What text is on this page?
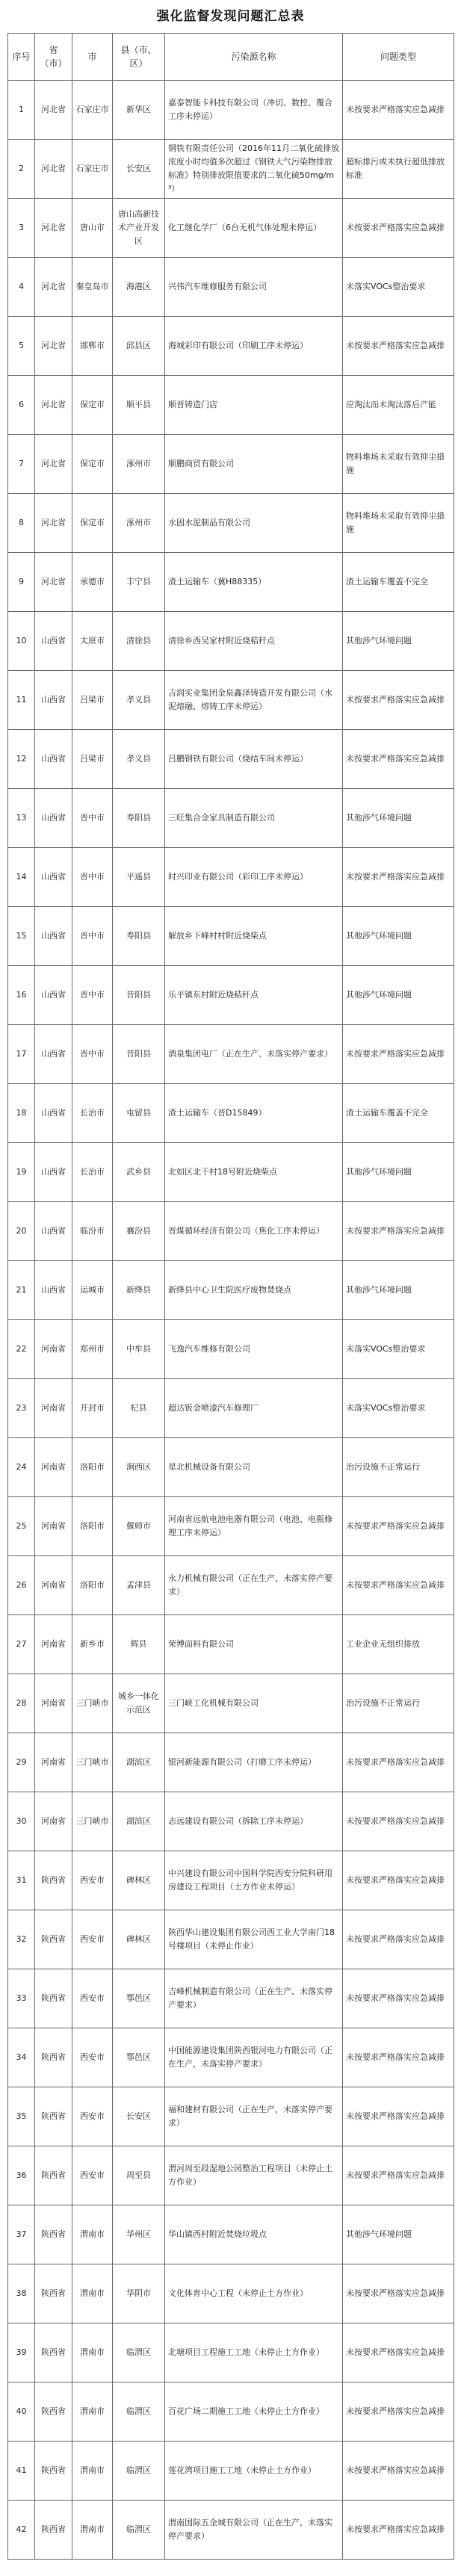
强化监督发现问题汇总表
序号	省（市）	市	县（市、区）	污染源名称	问题类型
1	河北省	石家庄市	新华区	嘉泰智能卡科技有限公司（冲切、数控、覆合工序未停运）	未按要求严格落实应急减排
2	河北省	石家庄市	长安区	钢铁有限责任公司（2016年11月二氧化硫排放浓度小时均值多次超过《钢铁大气污染物排放标准》特别排放限值要求的二氧化硫50mg/m³）	超标排污或未执行超低排放标准
3	河北省	唐山市	唐山高新技术产业开发区	化工继化学厂（6台无机气体处理未停运）	未按要求严格落实应急减排
4	河北省	秦皇岛市	海港区	兴伟汽车维修服务有限公司	未落实VOCs整治要求
5	河北省	邯郸市	邱县区	海城彩印有限公司（印刷工序未停运）	未按要求严格落实应急减排
6	河北省	保定市	顺平县	顺晋铸造门店	应淘汰而未淘汰落后产能
7	河北省	保定市	涿州市	顺鹏商贸有限公司	物料堆场未采取有效抑尘措施
8	河北省	保定市	涿州市	永固水泥制品有限公司	物料堆场未采取有效抑尘措施
9	河北省	承德市	丰宁县	渣土运输车（冀H88335）	渣土运输车覆盖不完全
10	山西省	太原市	清徐县	清徐乡西吴家村附近烧秸秆点	其他涉气环境问题
11	山西省	吕梁市	孝义县	吉润实业集团金泉鑫泽铸造开发有限公司（水泥熔融、熔铸工序未停运）	未按要求严格落实应急减排
12	山西省	吕梁市	孝义县	吕鹏钢铁有限公司（烧结车间未停运）	未按要求严格落实应急减排
13	山西省	晋中市	寿阳县	三旺集合金家具制造有限公司	其他涉气环境问题
14	山西省	晋中市	平遥县	时兴印业有限公司（彩印工序未停运）	未按要求严格落实应急减排
15	山西省	晋中市	寿阳县	解放乡下峰村村附近烧柴点	其他涉气环境问题
16	山西省	晋中市	昔阳县	乐平镇东村附近烧秸秆点	其他涉气环境问题
17	山西省	晋中市	昔阳县	酒泉集团电厂（正在生产、未落实停产要求）	未按要求严格落实应急减排
18	山西省	长治市	屯留县	渣土运输车（晋D15849）	渣土运输车覆盖不完全
19	山西省	长治市	武乡县	北如区北干村18号附近烧柴点	其他涉气环境问题
20	山西省	临汾市	襄汾县	晋煤循环经济有限公司（焦化工序未停运）	未按要求严格落实应急减排
21	山西省	运城市	新绛县	新绛县中心卫生院医疗废物焚烧点	其他涉气环境问题
22	河南省	郑州市	中牟县	飞逸汽车维修有限公司	未落实VOCs整治要求
23	河南省	开封市	杞县	超达钣金喷漆汽车修理厂	未落实VOCs整治要求
24	河南省	洛阳市	涧西区	星北机械设备有限公司	治污设施不正常运行
25	河南省	洛阳市	偃师市	河南省远航电池电器有限公司（电池、电瓶修理工序未停运）	未按要求严格落实应急减排
26	河南省	洛阳市	孟津县	永力机械有限公司（正在生产，未落实停产要求）	未按要求严格落实应急减排
27	河南省	新乡市	辉县	荣博面料有限公司	工业企业无组织排放
28	河南省	三门峡市	城乡一体化示范区	三门峡工化机械有限公司	治污设施不正常运行
29	河南省	三门峡市	湖滨区	银河新能源有限公司（打磨工序未停运）	未按要求严格落实应急减排
30	河南省	三门峡市	湖滨区	志远建设有限公司（拆除工序未停运）	未按要求严格落实应急减排
31	陕西省	西安市	碑林区	中兴建设有限公司中国科学院西安分院科研用房建设工程项目（土方作业未停运）	未按要求严格落实应急减排
32	陕西省	西安市	碑林区	陕西华山建设集团有限公司西工业大学南门18号楼项目（未停止作业）	未按要求严格落实应急减排
33	陕西省	西安市	鄠邑区	吉峰机械制造有限公司（正在生产、未落实停产要求）	未按要求严格落实应急减排
34	陕西省	西安市	鄠邑区	中国能源建设集团陕西银河电力有限公司（正在生产，未落实停产要求）	未按要求严格落实应急减排
35	陕西省	西安市	长安区	福和建材有限公司（正在生产，未落实停产要求）	未按要求严格落实应急减排
36	陕西省	西安市	周至县	渭河周至段湿地公园整治工程项目（未停止土方作业）	未按要求严格落实应急减排
37	陕西省	渭南市	华州区	华山镇西村附近焚烧垃圾点	其他涉气环境问题
38	陕西省	渭南市	华阴市	文化体育中心工程（未停止土方作业）	未按要求严格落实应急减排
39	陕西省	渭南市	临渭区	北塘项目工程施工工地（未停止土方作业）	未按要求严格落实应急减排
40	陕西省	渭南市	临渭区	百花广场二期施工工地（未停止土方作业）	未按要求严格落实应急减排
41	陕西省	渭南市	临渭区	莲花湾项目施工工地（未停止土方作业）	未按要求严格落实应急减排
42	陕西省	渭南市	临渭区	渭南国际五金城有限公司（正在生产，未落实停产要求）	未按要求严格落实应急减排
